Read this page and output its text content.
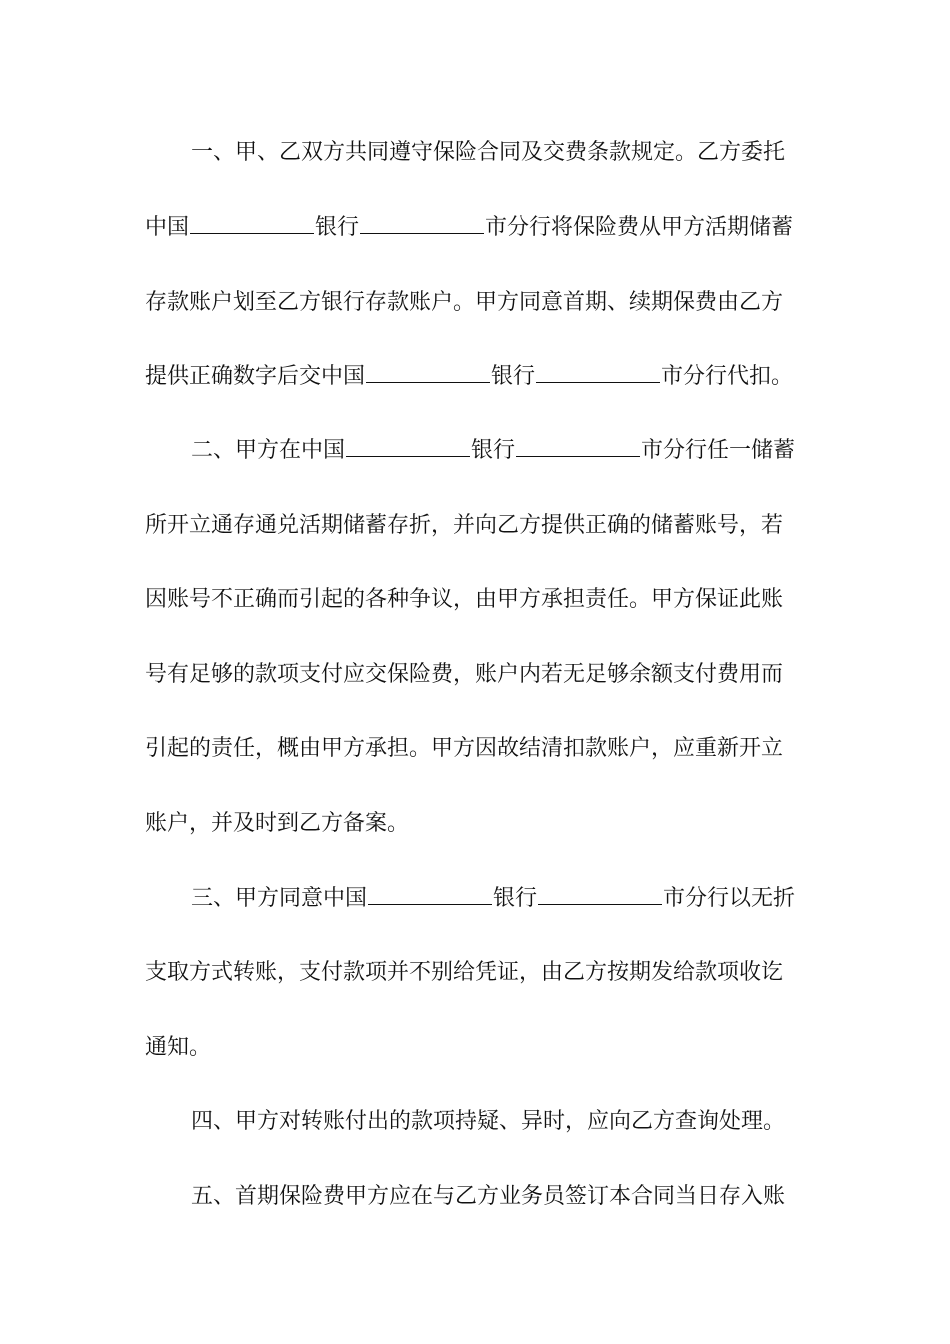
一、甲、乙双方共同遵守保险合同及交费条款规定。乙方委托
中国	银行	市分行将保险费从甲方活期储蓄
存款账户划至乙方银行存款账户。甲方同意首期、续期保费由乙方
提供正确数字后交中国	银行	市分行代扣。
二、甲方在中国	银行	市分行任一储蓄
所开立通存通兑活期储蓄存折，并向乙方提供正确的储蓄账号，若
因账号不正确而引起的各种争议，由甲方承担责任。甲方保证此账
号有足够的款项支付应交保险费，账户内若无足够余额支付费用而
引起的责任，概由甲方承担。甲方因故结清扣款账户，应重新开立
账户，并及时到乙方备案。
三、甲方同意中国	银行	市分行以无折
支取方式转账，支付款项并不别给凭证，由乙方按期发给款项收讫
通知。
四、甲方对转账付出的款项持疑、异时，应向乙方查询处理。
五、首期保险费甲方应在与乙方业务员签订本合同当日存入账
